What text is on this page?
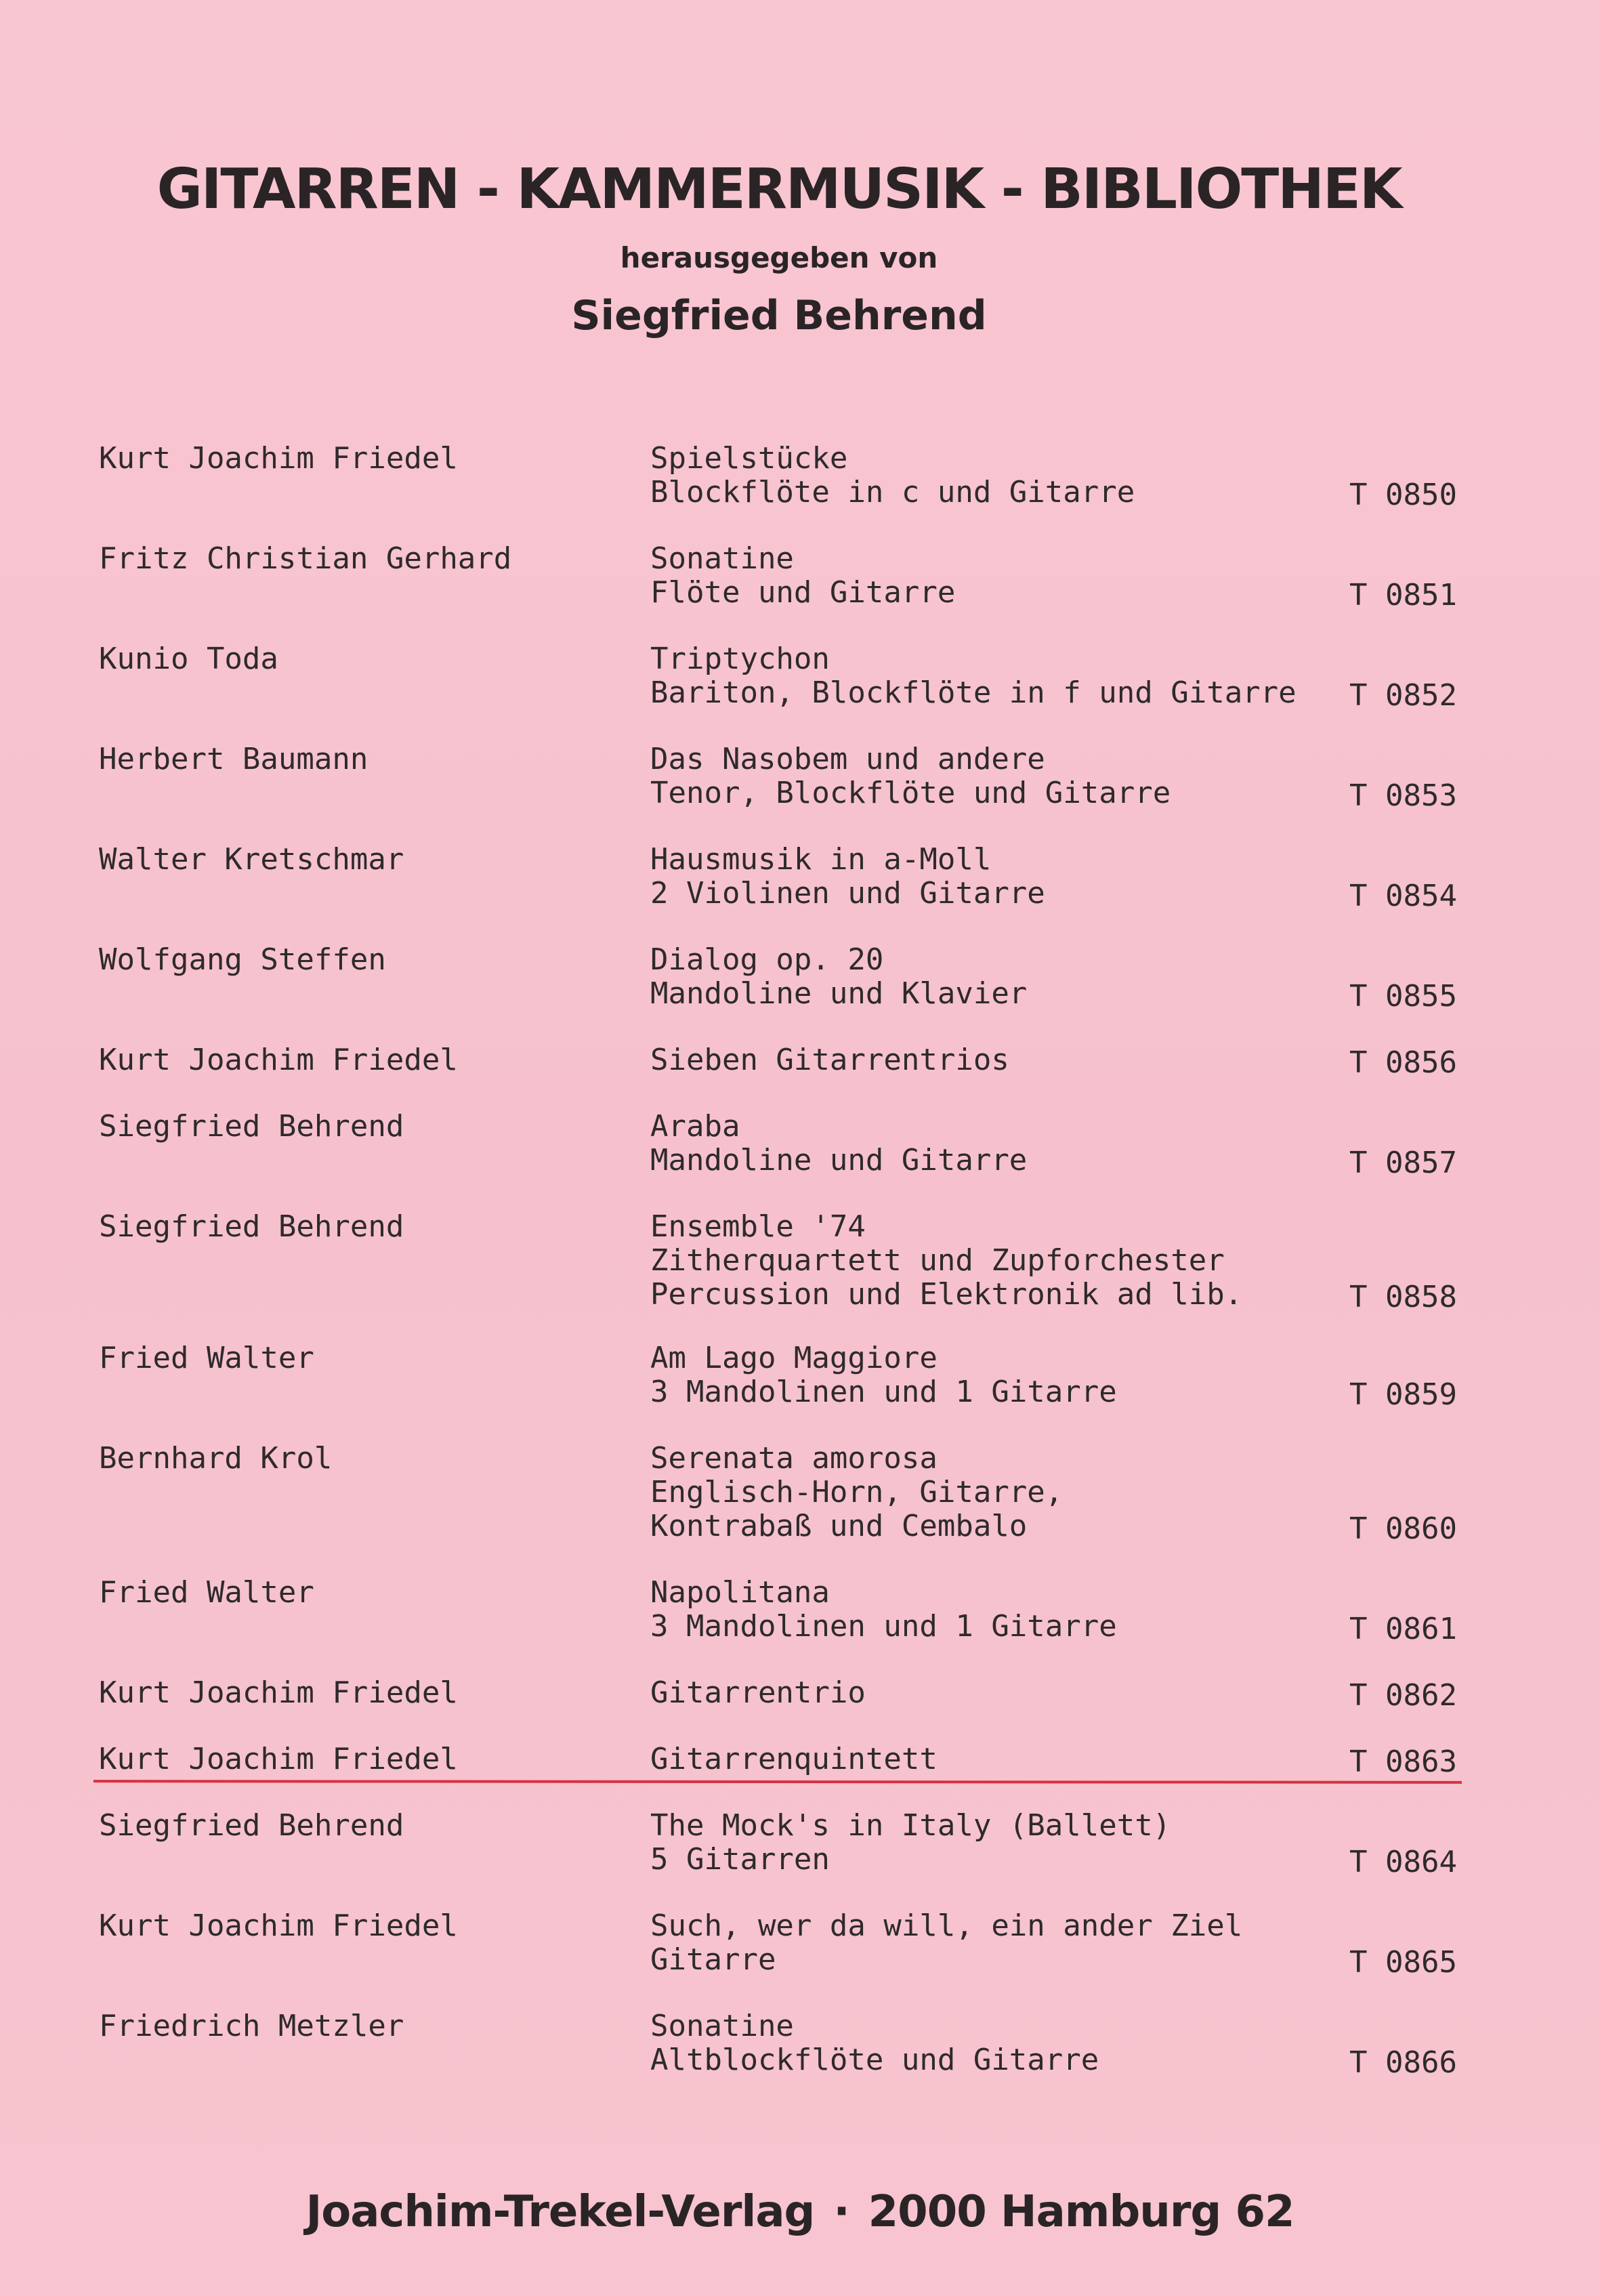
GITARREN - KAMMERMUSIK - BIBLIOTHEK
herausgegeben von
Siegfried Behrend
Kurt Joachim Friedel	Spielstücke
Blockflöte in c und Gitarre	T 0850
Fritz Christian Gerhard	Sonatine
Flöte und Gitarre	T 0851
Kunio Toda	Triptychon
Bariton, Blockflöte in f und Gitarre T 0852
Herbert Baumann	Das Nasobem und andere
Tenor, Blockflöte und Gitarre	T 0853
Walter Kretschmar	Hausmusik in a-Moll
2 Violinen und Gitarre	T 0854
Wolfgang Steffen	Dialog op. 20
Mandoline und Klavier	T 0855
Kurt Joachim Friedel	Sieben Gitarrentrios	T 0856
Siegfried Behrend	Araba
Mandoline und Gitarre	T 0857
Siegfried Behrend	Ensemble '74
Zitherquartett und Zupforchester
Percussion und Elektronik ad lib.	T 0858
Fried Walter	Am Lago Maggiore
3 Mandolinen und 1 Gitarre	T 0859
Bernhard Krol	Serenata amorosa
Englisch-Horn, Gitarre,
Kontrabaß und Cembalo	T 0860
Fried Walter	Napolitana
3 Mandolinen und 1 Gitarre	T 0861
Kurt Joachim Friedel	Gitarrentrio	T 0862
Kurt Joachim Friedel	Gitarrenquintett	T 0863
Siegfried Behrend	The Mock's in Italy (Ballett)
5 Gitarren	T 0864
Kurt Joachim Friedel	Such, wer da will, ein ander Ziel
Gitarre	T 0865
Friedrich Metzler	Sonatine
Altblockflöte und Gitarre	T 0866
Joachim-Trekel-Verlag · 2000 Hamburg 62
